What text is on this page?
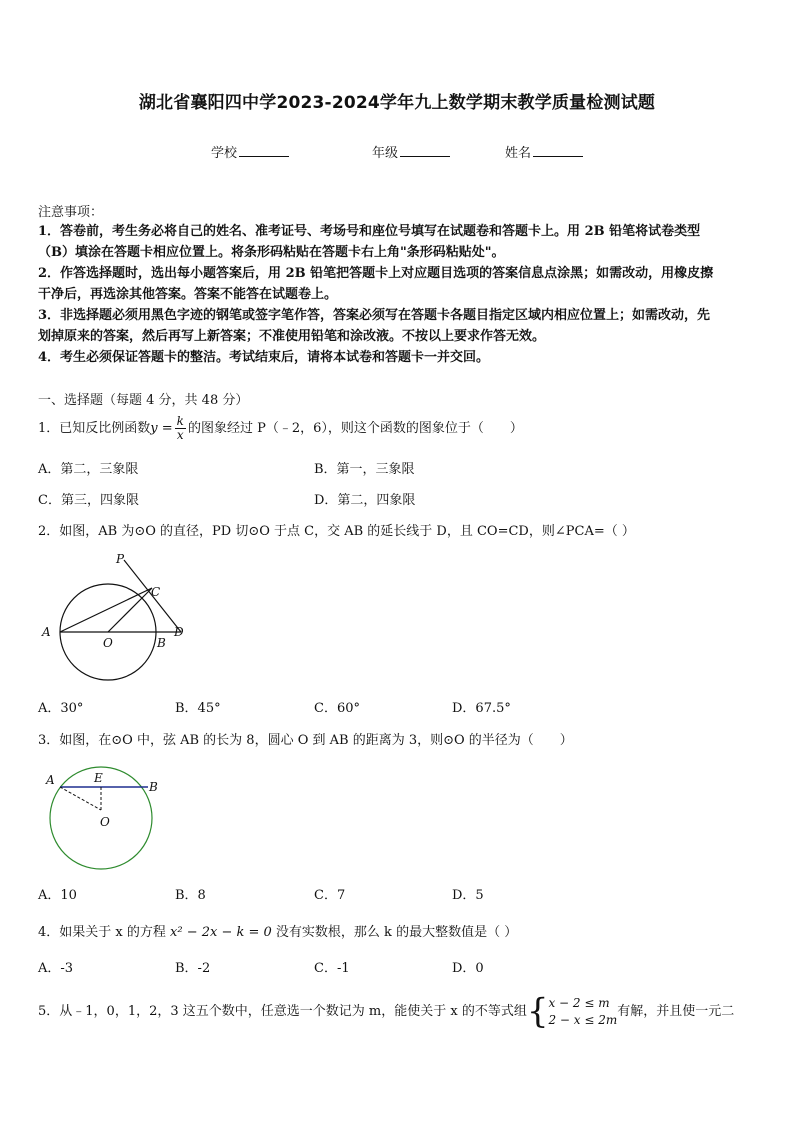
湖北省襄阳四中学2023-2024学年九上数学期末教学质量检测试题
学校	年级	姓名
注意事项：
1．答卷前，考生务必将自己的姓名、准考证号、考场号和座位号填写在试题卷和答题卡上。用 2B 铅笔将试卷类型
（B）填涂在答题卡相应位置上。将条形码粘贴在答题卡右上角"条形码粘贴处"。
2．作答选择题时，选出每小题答案后，用 2B 铅笔把答题卡上对应题目选项的答案信息点涂黑；如需改动，用橡皮擦
干净后，再选涂其他答案。答案不能答在试题卷上。
3．非选择题必须用黑色字迹的钢笔或签字笔作答，答案必须写在答题卡各题目指定区域内相应位置上；如需改动，先
划掉原来的答案，然后再写上新答案；不准使用铅笔和涂改液。不按以上要求作答无效。
4．考生必须保证答题卡的整洁。考试结束后，请将本试卷和答题卡一并交回。
一、选择题（每题 4 分，共 48 分）
1．已知反比例函数$y = \frac{k}{x}$ 的图象经过 P（﹣2，6），则这个函数的图象位于（　　）
A．第二，三象限	B．第一，三象限
C．第三，四象限	D．第二，四象限
2．如图，AB 为⊙O 的直径，PD 切⊙O 于点 C，交 AB 的延长线于 D，且 CO=CD，则∠PCA=（ ）
P
C
A
O	B
D
A．30°	B．45°	C．60°	D．67.5°
3．如图，在⊙O 中，弦 AB 的长为 8，圆心 O 到 AB 的距离为 3，则⊙O 的半径为（　　）
A	E
B
O
A．10	B．8	C．7	D．5
4．如果关于 x 的方程 x² − 2x − k = 0 没有实数根，那么 k 的最大整数值是（ ）
A．-3	B．-2	C．-1	D．0
5．从﹣1，0，1，2，3 这五个数中，任意选一个数记为 m，能使关于 x 的不等式组{ x − 2 ≤ m
2 − x ≤ 2m
有解，并且使一元二
